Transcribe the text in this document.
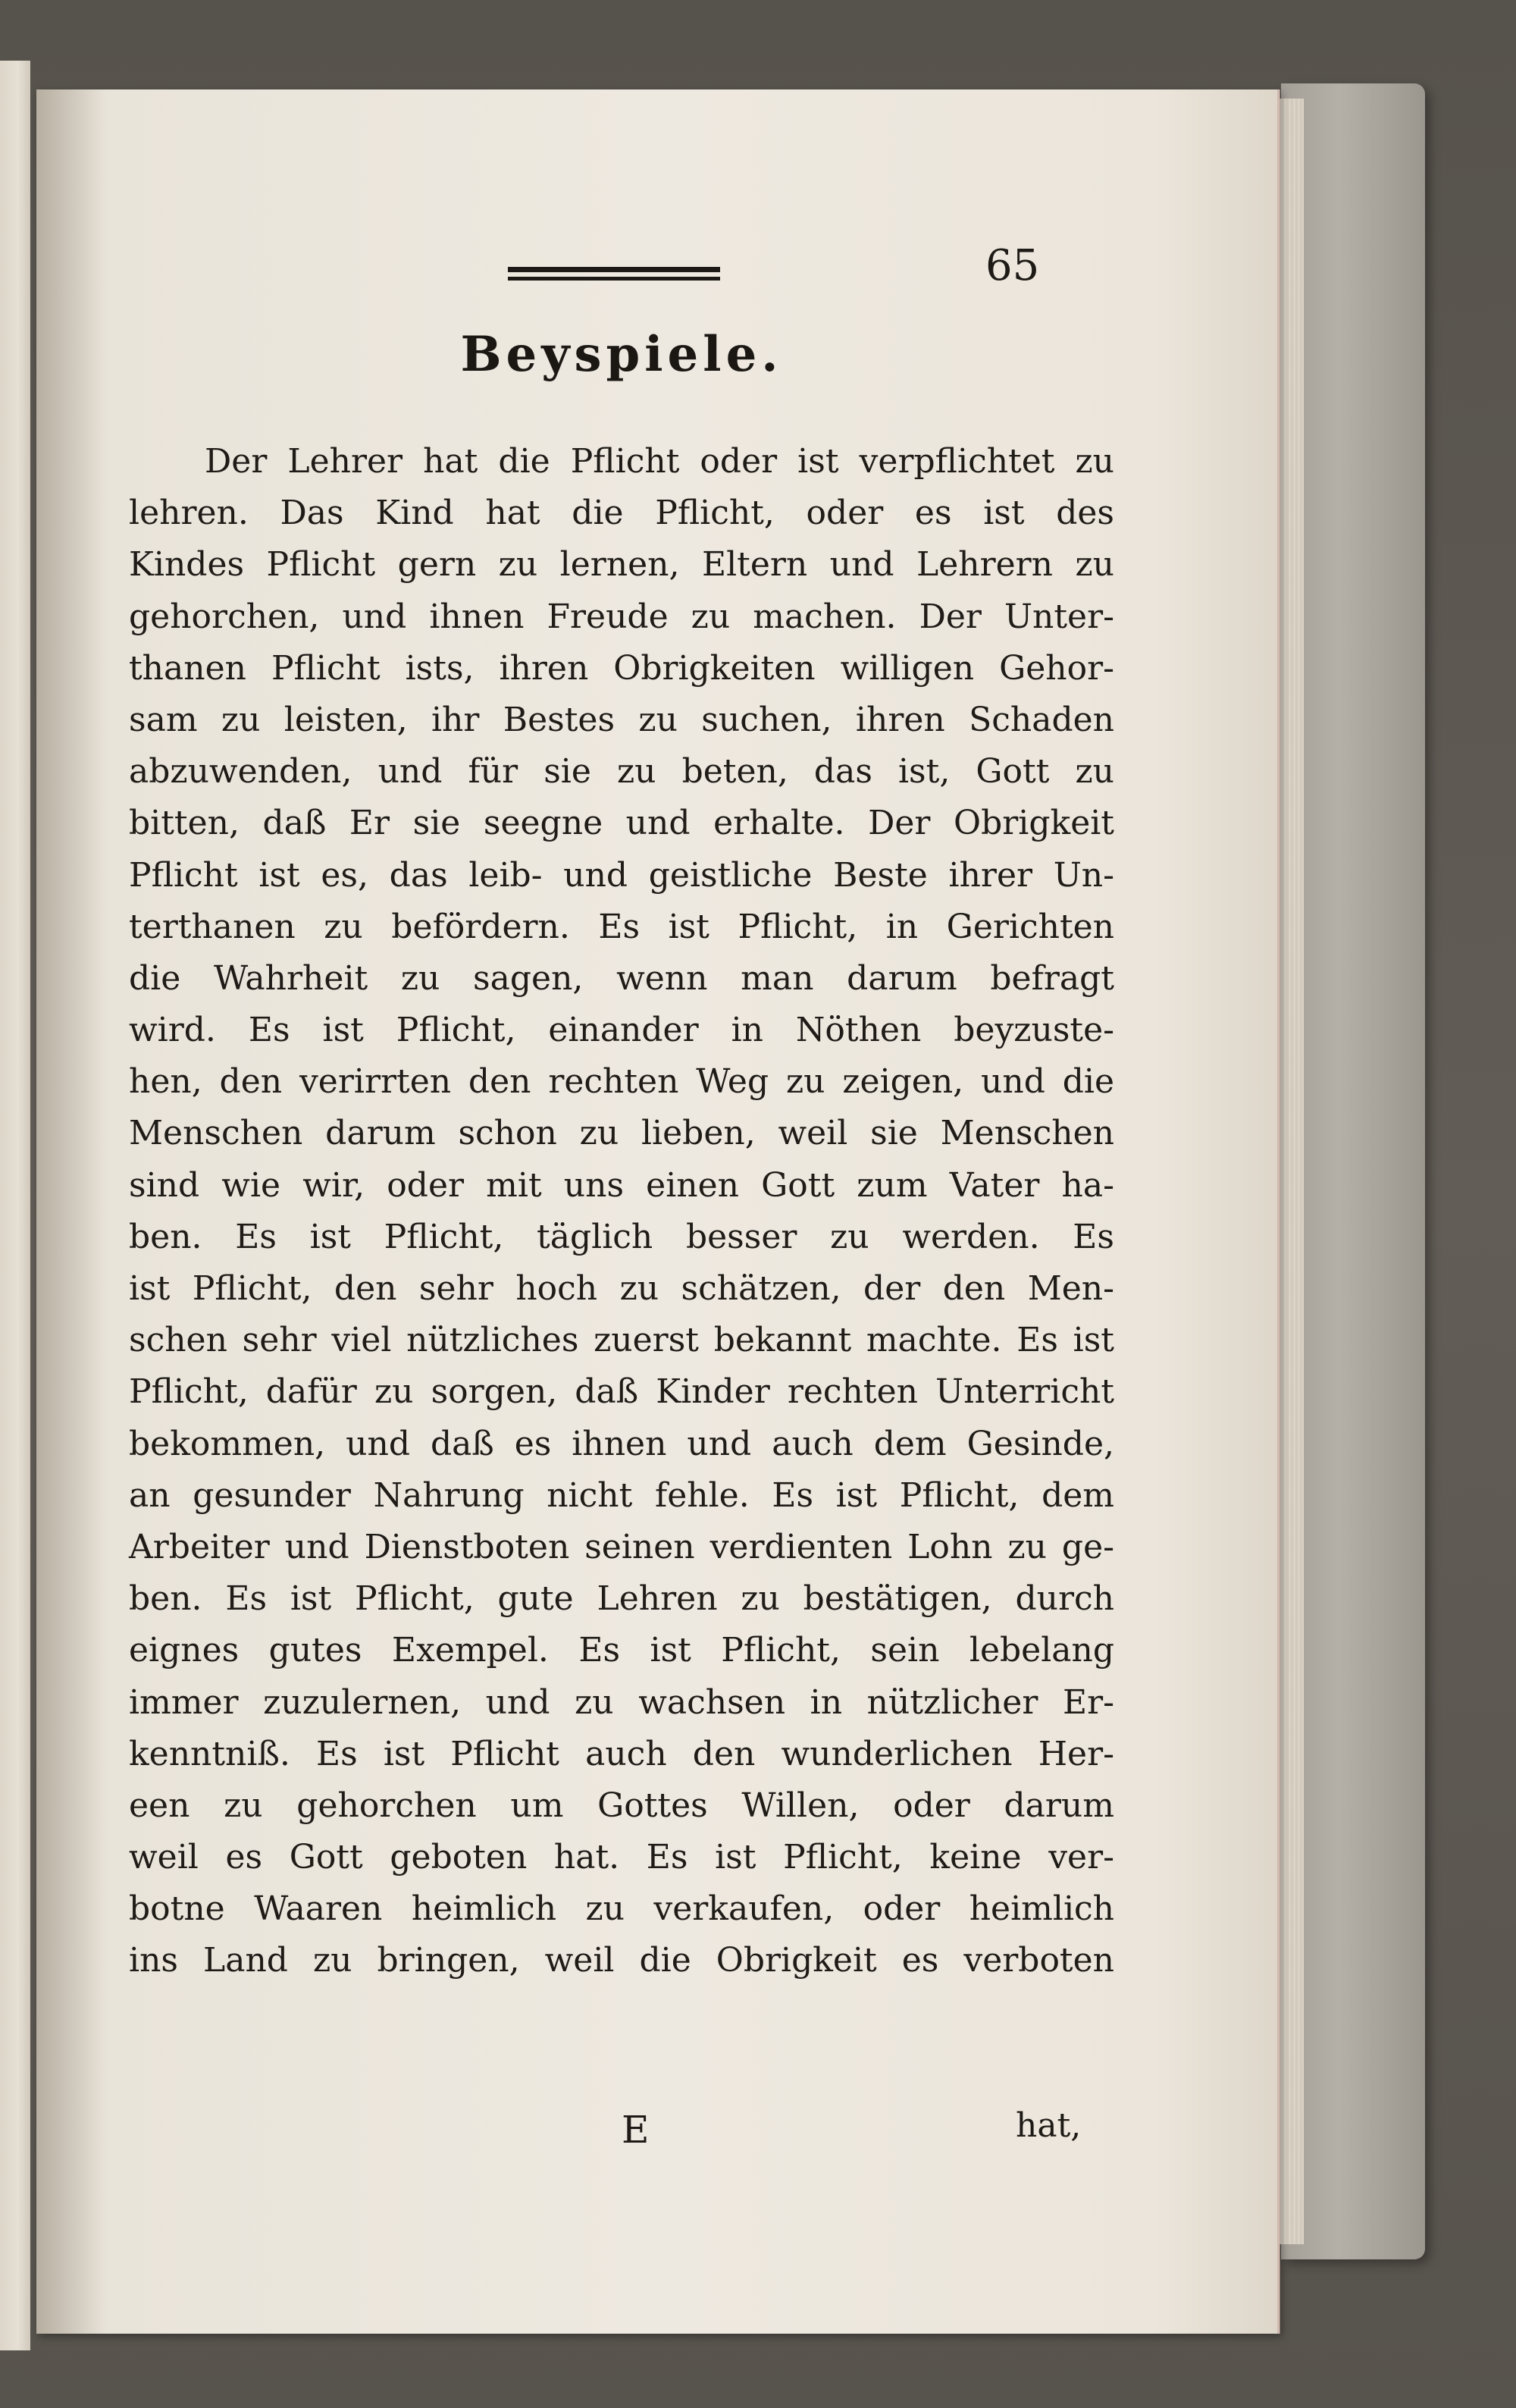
65
Beyspiele.
Der Lehrer hat die Pflicht oder ist verpflichtet zu
lehren. Das Kind hat die Pflicht, oder es ist des
Kindes Pflicht gern zu lernen, Eltern und Lehrern zu
gehorchen, und ihnen Freude zu machen. Der Unter-
thanen Pflicht ists, ihren Obrigkeiten willigen Gehor-
sam zu leisten, ihr Bestes zu suchen, ihren Schaden
abzuwenden, und für sie zu beten, das ist, Gott zu
bitten, daß Er sie seegne und erhalte. Der Obrigkeit
Pflicht ist es, das leib- und geistliche Beste ihrer Un-
terthanen zu befördern. Es ist Pflicht, in Gerichten
die Wahrheit zu sagen, wenn man darum befragt
wird. Es ist Pflicht, einander in Nöthen beyzuste-
hen, den verirrten den rechten Weg zu zeigen, und die
Menschen darum schon zu lieben, weil sie Menschen
sind wie wir, oder mit uns einen Gott zum Vater ha-
ben. Es ist Pflicht, täglich besser zu werden. Es
ist Pflicht, den sehr hoch zu schätzen, der den Men-
schen sehr viel nützliches zuerst bekannt machte. Es ist
Pflicht, dafür zu sorgen, daß Kinder rechten Unterricht
bekommen, und daß es ihnen und auch dem Gesinde,
an gesunder Nahrung nicht fehle. Es ist Pflicht, dem
Arbeiter und Dienstboten seinen verdienten Lohn zu ge-
ben. Es ist Pflicht, gute Lehren zu bestätigen, durch
eignes gutes Exempel. Es ist Pflicht, sein lebelang
immer zuzulernen, und zu wachsen in nützlicher Er-
kenntniß. Es ist Pflicht auch den wunderlichen Her-
een zu gehorchen um Gottes Willen, oder darum
weil es Gott geboten hat. Es ist Pflicht, keine ver-
botne Waaren heimlich zu verkaufen, oder heimlich
ins Land zu bringen, weil die Obrigkeit es verboten
E	hat,
